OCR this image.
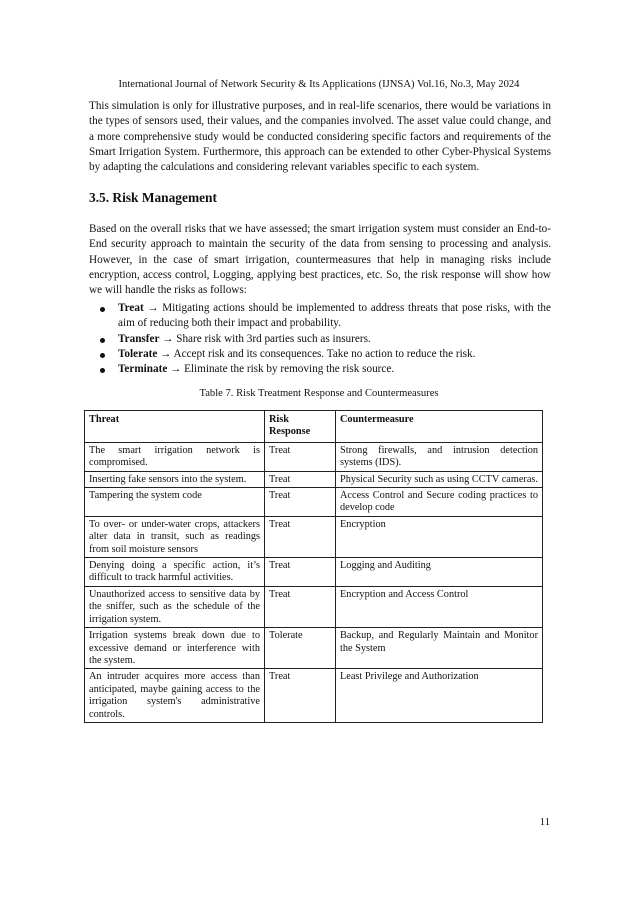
International Journal of Network Security & Its Applications (IJNSA) Vol.16, No.3, May 2024
This simulation is only for illustrative purposes, and in real-life scenarios, there would be variations in the types of sensors used, their values, and the companies involved. The asset value could change, and a more comprehensive study would be conducted considering specific factors and requirements of the Smart Irrigation System. Furthermore, this approach can be extended to other Cyber-Physical Systems by adapting the calculations and considering relevant variables specific to each system.
3.5. Risk Management
Based on the overall risks that we have assessed; the smart irrigation system must consider an End-to-End security approach to maintain the security of the data from sensing to processing and analysis. However, in the case of smart irrigation, countermeasures that help in managing risks include encryption, access control, Logging, applying best practices, etc. So, the risk response will show how we will handle the risks as follows:
Treat → Mitigating actions should be implemented to address threats that pose risks, with the aim of reducing both their impact and probability.
Transfer → Share risk with 3rd parties such as insurers.
Tolerate → Accept risk and its consequences. Take no action to reduce the risk.
Terminate → Eliminate the risk by removing the risk source.
Table 7. Risk Treatment Response and Countermeasures
Threat	Risk Response	Countermeasure
The smart irrigation network is compromised.	Treat	Strong firewalls, and intrusion detection systems (IDS).
Inserting fake sensors into the system.	Treat	Physical Security such as using CCTV cameras.
Tampering the system code	Treat	Access Control and Secure coding practices to develop code
To over- or under-water crops, attackers alter data in transit, such as readings from soil moisture sensors	Treat	Encryption
Denying doing a specific action, it’s difficult to track harmful activities.	Treat	Logging and Auditing
Unauthorized access to sensitive data by the sniffer, such as the schedule of the irrigation system.	Treat	Encryption and Access Control
Irrigation systems break down due to excessive demand or interference with the system.	Tolerate	Backup, and Regularly Maintain and Monitor the System
An intruder acquires more access than anticipated, maybe gaining access to the irrigation system's administrative controls.	Treat	Least Privilege and Authorization
11
